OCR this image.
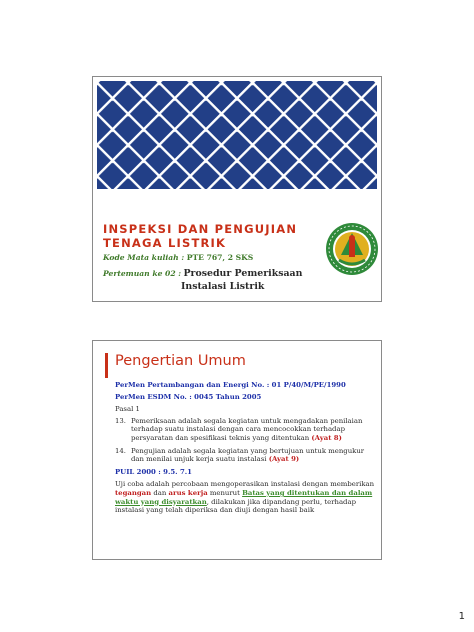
INSPEKSI DAN PENGUJIAN
TENAGA LISTRIK
Kode Mata kuliah : PTE 767, 2 SKS
Pertemuan ke 02 : Prosedur Pemeriksaan
Instalasi Listrik
Pengertian Umum

PerMen Pertambangan dan Energi No. : 01 P/40/M/PE/1990

PerMen ESDM No. : 0045 Tahun 2005

Pasal 1

13. Pemeriksaan adalah segala kegiatan untuk mengadakan penilaian terhadap suatu instalasi dengan cara mencocokkan terhadap persyaratan dan spesifikasi teknis yang ditentukan (Ayat 8)
14. Pengujian adalah segala kegiatan yang bertujuan untuk mengukur dan menilai unjuk kerja suatu instalasi (Ayat 9)

PUIL 2000 : 9.5. 7.1

Uji coba adalah percobaan mengoperasikan instalasi dengan memberikan tegangan dan arus kerja menurut Batas yang ditentukan dan dalam waktu yang disyaratkan, dilakukan jika dipandang perlu, terhadap instalasi yang telah diperiksa dan diuji dengan hasil baik

1
